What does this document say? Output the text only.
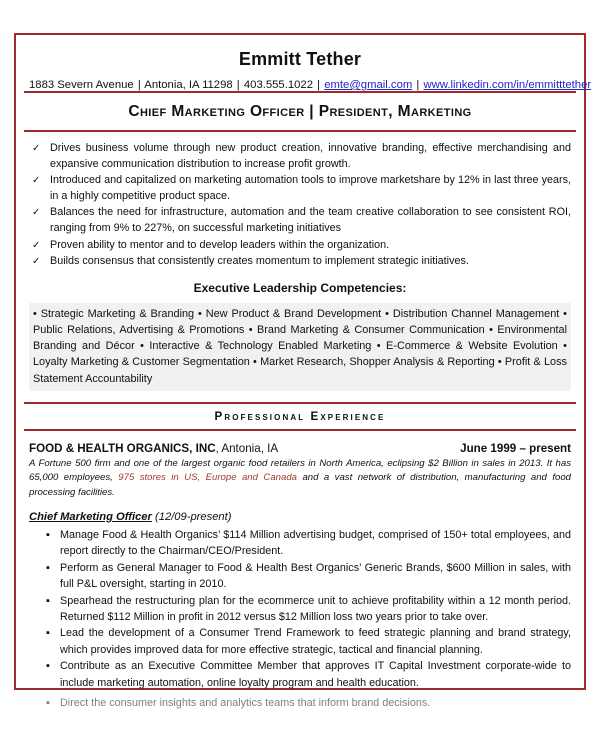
Emmitt Tether
1883 Severn Avenue | Antonia, IA 11298 | 403.555.1022 | emte@gmail.com | www.linkedin.com/in/emmitttether
Chief Marketing Officer | President, Marketing
✓ Drives business volume through new product creation, innovative branding, effective merchandising and expansive communication distribution to increase profit growth.
✓ Introduced and capitalized on marketing automation tools to improve marketshare by 12% in last three years, in a highly competitive product space.
✓ Balances the need for infrastructure, automation and the team creative collaboration to see consistent ROI, ranging from 9% to 227%, on successful marketing initiatives
✓ Proven ability to mentor and to develop leaders within the organization.
✓ Builds consensus that consistently creates momentum to implement strategic initiatives.
Executive Leadership Competencies:
• Strategic Marketing & Branding • New Product & Brand Development • Distribution Channel Management • Public Relations, Advertising & Promotions • Brand Marketing & Consumer Communication • Environmental Branding and Décor • Interactive & Technology Enabled Marketing • E-Commerce & Website Evolution • Loyalty Marketing & Customer Segmentation • Market Research, Shopper Analysis & Reporting • Profit & Loss Statement Accountability
Professional Experience
FOOD & HEALTH ORGANICS, INC, Antonia, IA	June 1999 – present
A Fortune 500 firm and one of the largest organic food retailers in North America, eclipsing $2 Billion in sales in 2013. It has 65,000 employees, 975 stores in US, Europe and Canada and a vast network of distribution, manufacturing and food processing facilities.
Chief Marketing Officer (12/09-present)
▪ Manage Food & Health Organics’ $114 Million advertising budget, comprised of 150+ total employees, and report directly to the Chairman/CEO/President.
▪ Perform as General Manager to Food & Health Best Organics’ Generic Brands, $600 Million in sales, with full P&L oversight, starting in 2010.
▪ Spearhead the restructuring plan for the ecommerce unit to achieve profitability within a 12 month period. Returned $112 Million in profit in 2012 versus $12 Million loss two years prior to take over.
▪ Lead the development of a Consumer Trend Framework to feed strategic planning and brand strategy, which provides improved data for more effective strategic, tactical and financial planning.
▪ Contribute as an Executive Committee Member that approves IT Capital Investment corporate-wide to include marketing automation, online loyalty program and health education.
▪ Direct the consumer insights and analytics teams that inform brand decisions.
